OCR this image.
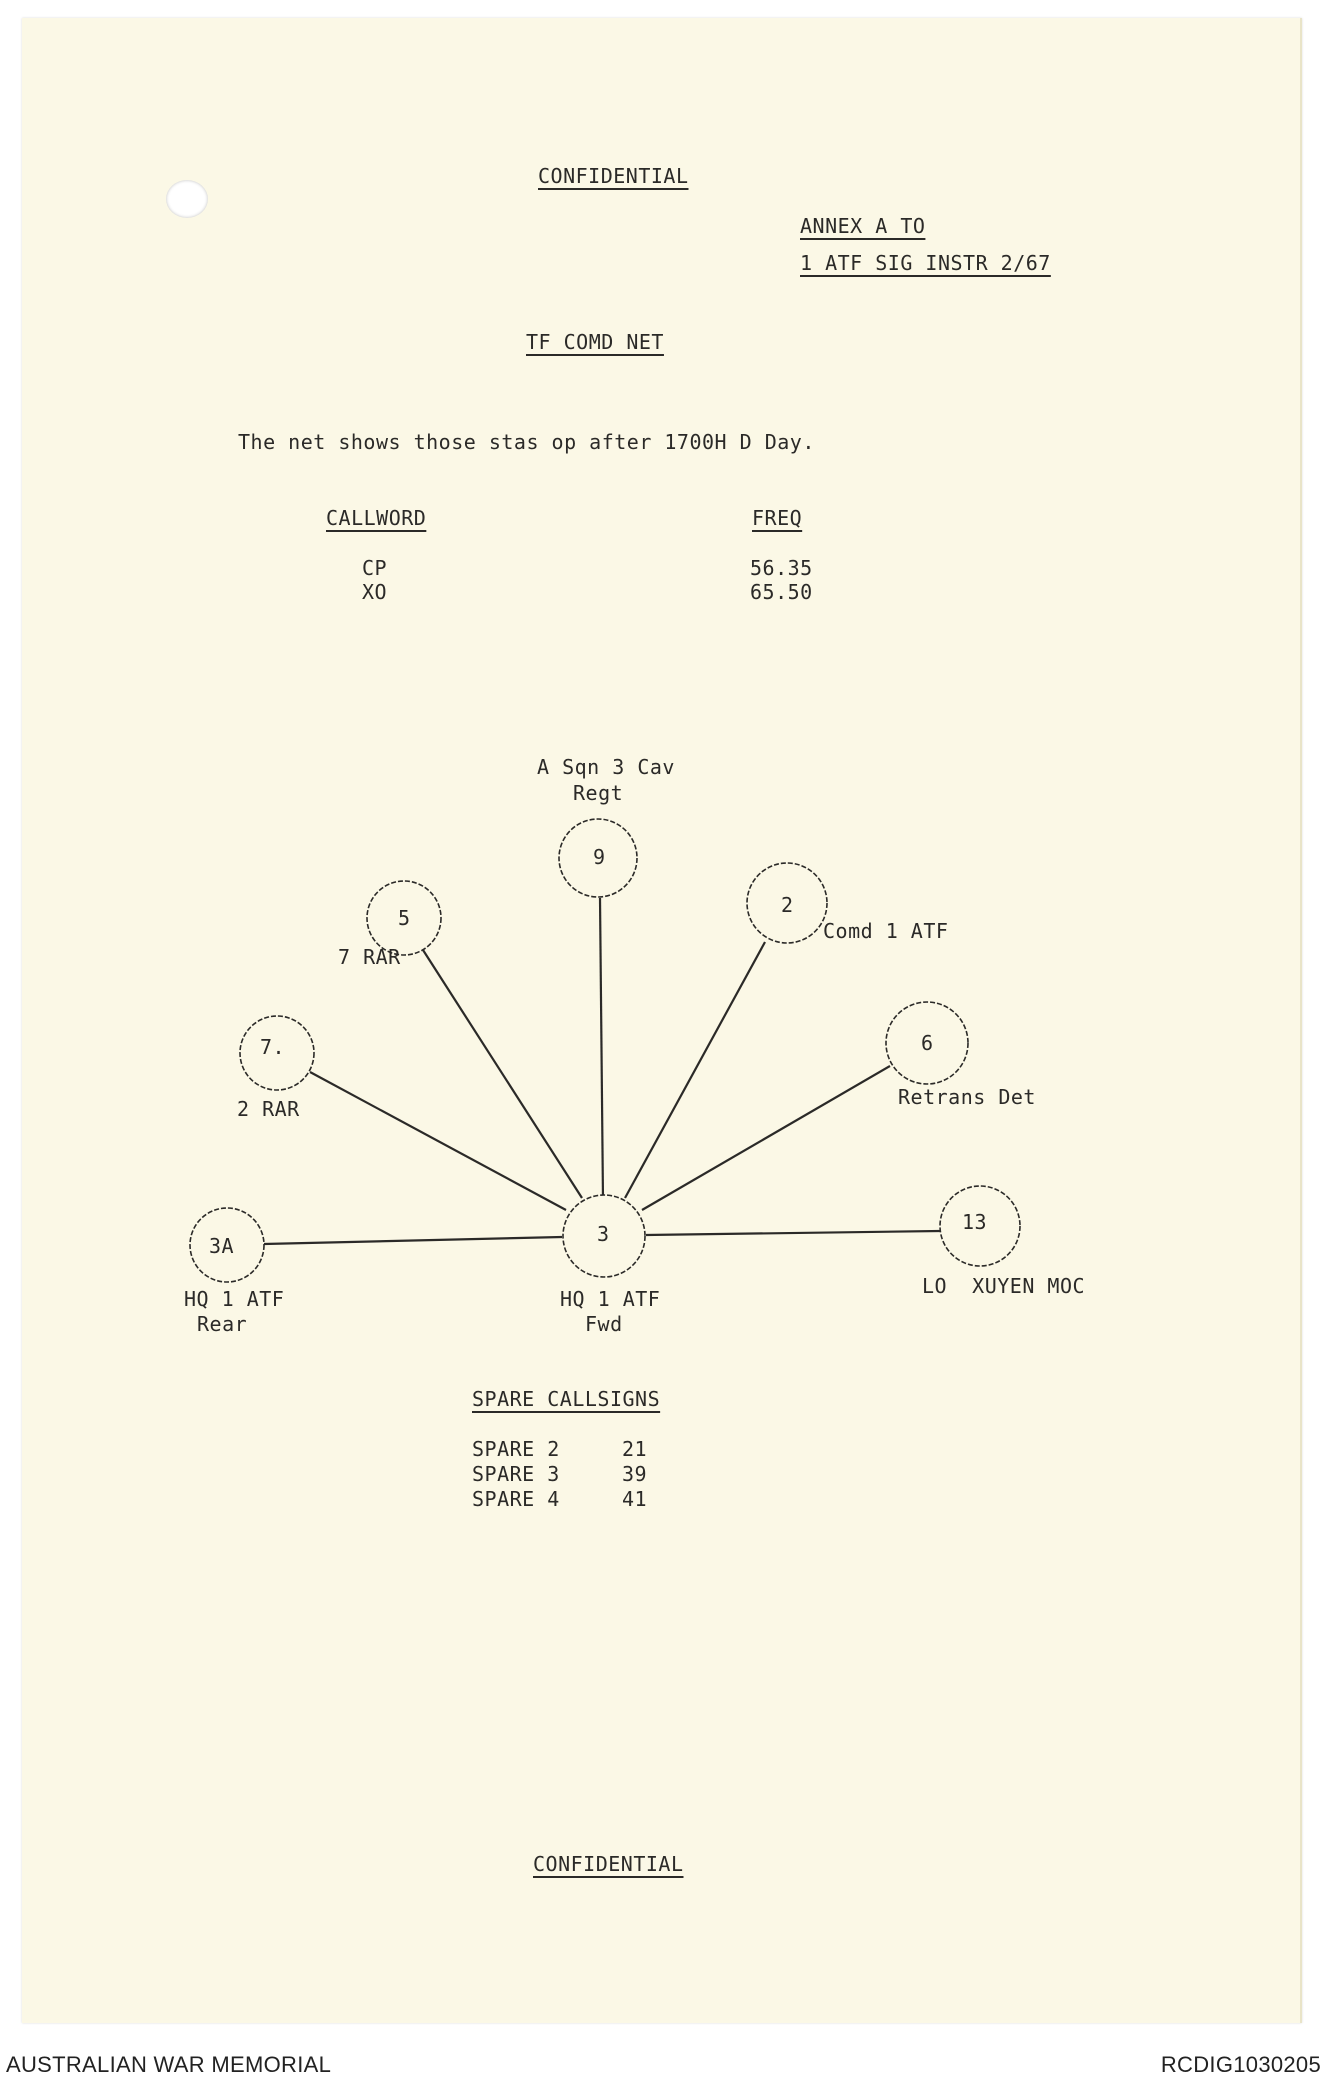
CONFIDENTIAL
ANNEX A TO
1 ATF SIG INSTR 2/67
TF COMD NET
The net shows those stas op after 1700H D Day.
CALLWORD	FREQ
CP	56.35
XO	65.50
3
9
5
2
7.	6
3A
13
A Sqn 3 Cav
Regt
7 RAR
Comd 1 ATF
2 RAR	Retrans Det
HQ 1 ATF
Rear
LO  XUYEN MOC
HQ 1 ATF
Fwd
SPARE CALLSIGNS
SPARE 2	21
SPARE 3	39
SPARE 4	41
CONFIDENTIAL
AUSTRALIAN WAR MEMORIAL	RCDIG1030205
